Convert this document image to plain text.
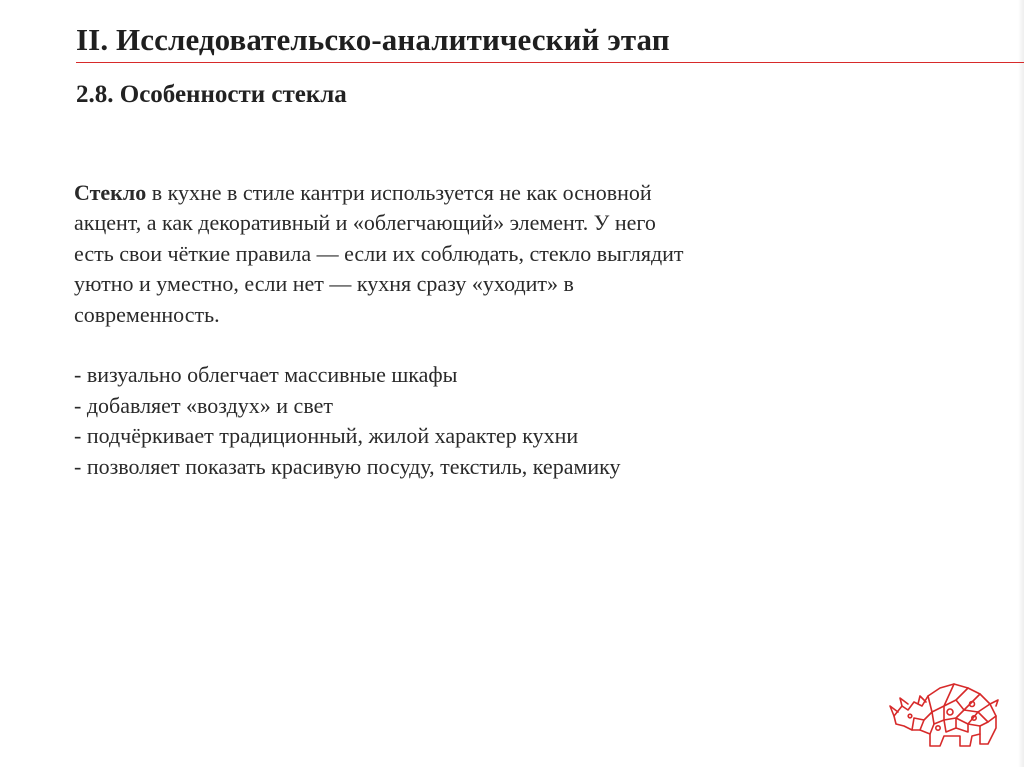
II. Исследовательско-аналитический этап
2.8. Особенности стекла
Стекло в кухне в стиле кантри используется не как основной
акцент, а как декоративный и «облегчающий» элемент. У него
есть свои чёткие правила — если их соблюдать, стекло выглядит
уютно и уместно, если нет — кухня сразу «уходит» в
современность.
- визуально облегчает массивные шкафы
- добавляет «воздух» и свет
- подчёркивает традиционный, жилой характер кухни
- позволяет показать красивую посуду, текстиль, керамику
